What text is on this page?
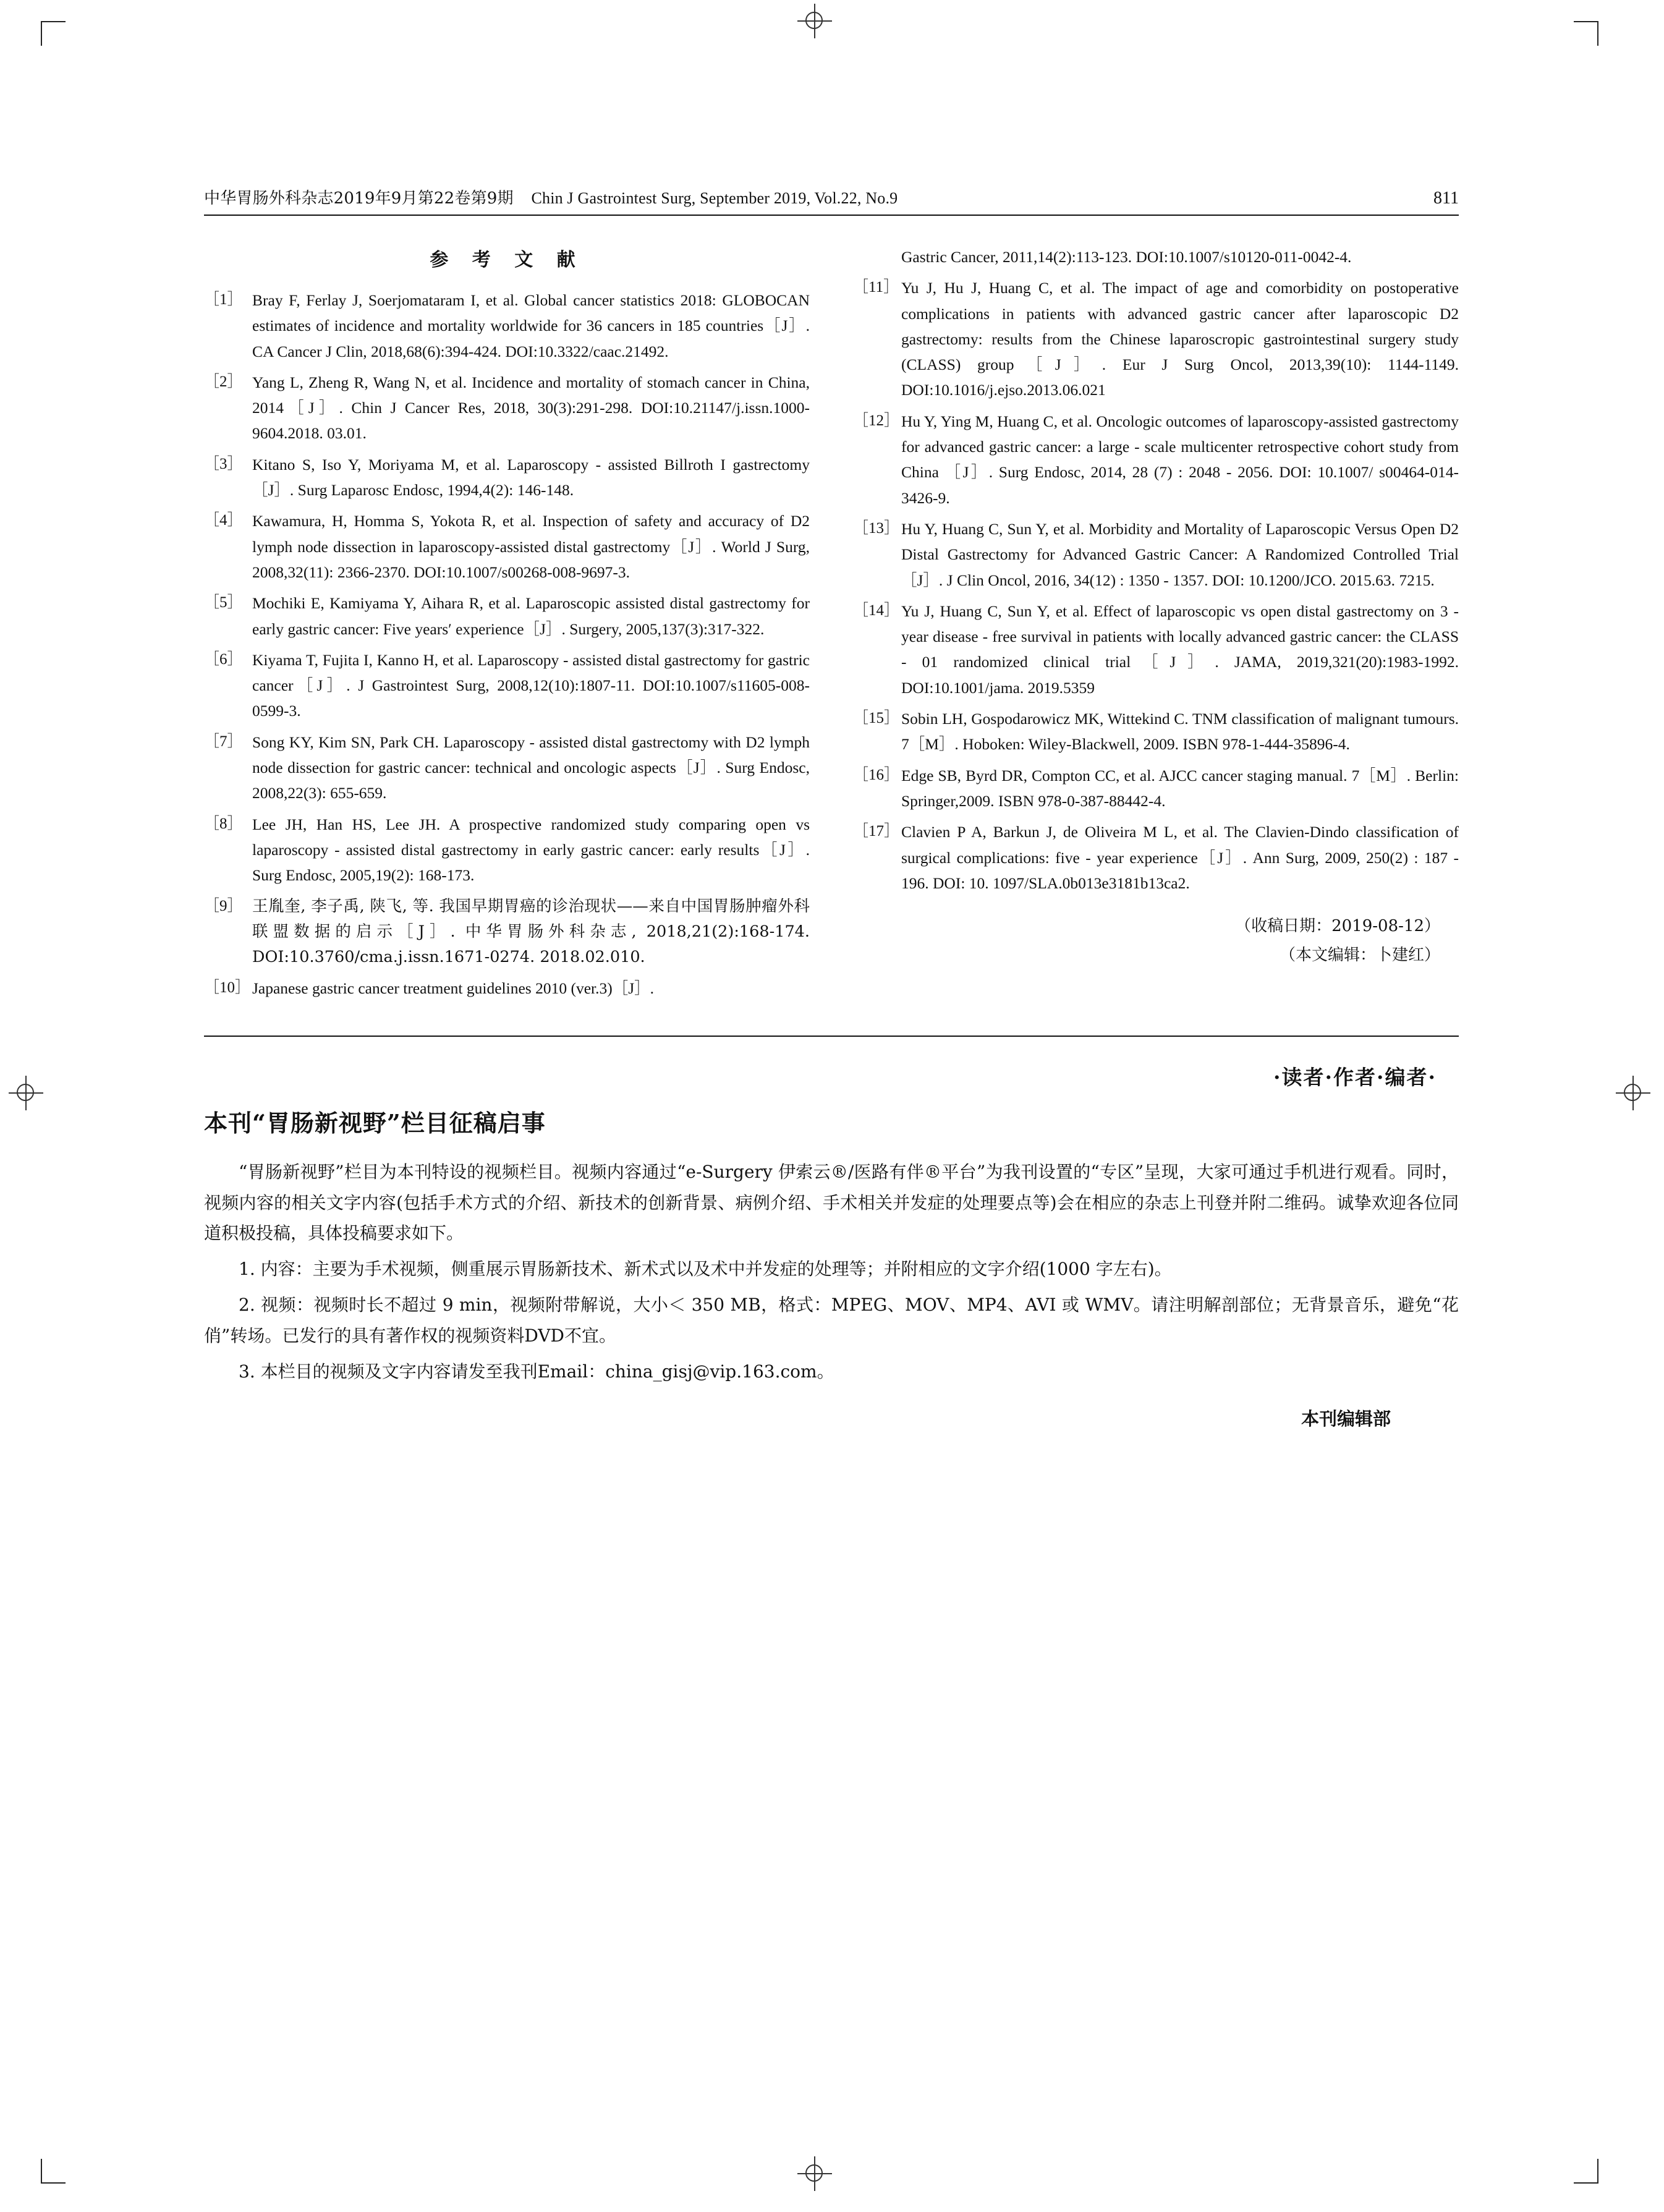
中华胃肠外科杂志2019年9月第22卷第9期 Chin J Gastrointest Surg, September 2019, Vol.22, No.9	811
参 考 文 献
［1］ Bray F, Ferlay J, Soerjomataram I, et al. Global cancer statistics 2018: GLOBOCAN estimates of incidence and mortality worldwide for 36 cancers in 185 countries［J］. CA Cancer J Clin, 2018,68(6):394-424. DOI:10.3322/caac.21492.
［2］ Yang L, Zheng R, Wang N, et al. Incidence and mortality of stomach cancer in China, 2014［J］. Chin J Cancer Res, 2018, 30(3):291-298. DOI:10.21147/j.issn.1000-9604.2018. 03.01.
［3］ Kitano S, Iso Y, Moriyama M, et al. Laparoscopy - assisted Billroth I gastrectomy［J］. Surg Laparosc Endosc, 1994,4(2): 146-148.
［4］ Kawamura, H, Homma S, Yokota R, et al. Inspection of safety and accuracy of D2 lymph node dissection in laparoscopy-assisted distal gastrectomy［J］. World J Surg, 2008,32(11): 2366-2370. DOI:10.1007/s00268-008-9697-3.
［5］ Mochiki E, Kamiyama Y, Aihara R, et al. Laparoscopic assisted distal gastrectomy for early gastric cancer: Five years′ experience［J］. Surgery, 2005,137(3):317-322.
［6］ Kiyama T, Fujita I, Kanno H, et al. Laparoscopy - assisted distal gastrectomy for gastric cancer［J］. J Gastrointest Surg, 2008,12(10):1807-11. DOI:10.1007/s11605-008-0599-3.
［7］ Song KY, Kim SN, Park CH. Laparoscopy - assisted distal gastrectomy with D2 lymph node dissection for gastric cancer: technical and oncologic aspects［J］. Surg Endosc, 2008,22(3): 655-659.
［8］ Lee JH, Han HS, Lee JH. A prospective randomized study comparing open vs laparoscopy - assisted distal gastrectomy in early gastric cancer: early results［J］. Surg Endosc, 2005,19(2): 168-173.
［9］ 王胤奎, 李子禹, 陕飞, 等. 我国早期胃癌的诊治现状——来自中国胃肠肿瘤外科联盟数据的启示［J］. 中华胃肠外科杂志, 2018,21(2):168-174. DOI:10.3760/cma.j.issn.1671-0274. 2018.02.010.
［10］ Japanese gastric cancer treatment guidelines 2010 (ver.3)［J］.
Gastric Cancer, 2011,14(2):113-123. DOI:10.1007/s10120-011-0042-4.
［11］ Yu J, Hu J, Huang C, et al. The impact of age and comorbidity on postoperative complications in patients with advanced gastric cancer after laparoscopic D2 gastrectomy: results from the Chinese laparoscropic gastrointestinal surgery study (CLASS) group［J］. Eur J Surg Oncol, 2013,39(10): 1144-1149. DOI:10.1016/j.ejso.2013.06.021
［12］ Hu Y, Ying M, Huang C, et al. Oncologic outcomes of laparoscopy-assisted gastrectomy for advanced gastric cancer: a large - scale multicenter retrospective cohort study from China ［J］. Surg Endosc, 2014, 28 (7) : 2048 - 2056. DOI: 10.1007/ s00464-014-3426-9.
［13］ Hu Y, Huang C, Sun Y, et al. Morbidity and Mortality of Laparoscopic Versus Open D2 Distal Gastrectomy for Advanced Gastric Cancer: A Randomized Controlled Trial［J］. J Clin Oncol, 2016, 34(12) : 1350 - 1357. DOI: 10.1200/JCO. 2015.63. 7215.
［14］ Yu J, Huang C, Sun Y, et al. Effect of laparoscopic vs open distal gastrectomy on 3 - year disease - free survival in patients with locally advanced gastric cancer: the CLASS - 01 randomized clinical trial［J］. JAMA, 2019,321(20):1983-1992. DOI:10.1001/jama. 2019.5359
［15］ Sobin LH, Gospodarowicz MK, Wittekind C. TNM classification of malignant tumours. 7［M］. Hoboken: Wiley-Blackwell, 2009. ISBN 978-1-444-35896-4.
［16］ Edge SB, Byrd DR, Compton CC, et al. AJCC cancer staging manual. 7［M］. Berlin: Springer,2009. ISBN 978-0-387-88442-4.
［17］ Clavien P A, Barkun J, de Oliveira M L, et al. The Clavien-Dindo classification of surgical complications: five - year experience［J］. Ann Surg, 2009, 250(2) : 187 - 196. DOI: 10. 1097/SLA.0b013e3181b13ca2.
（收稿日期：2019-08-12）
（本文编辑：卜建红）
·读者·作者·编者·
本刊“胃肠新视野”栏目征稿启事

“胃肠新视野”栏目为本刊特设的视频栏目。视频内容通过“e-Surgery 伊索云®/医路有伴®平台”为我刊设置的“专区”呈现，大家可通过手机进行观看。同时，视频内容的相关文字内容(包括手术方式的介绍、新技术的创新背景、病例介绍、手术相关并发症的处理要点等)会在相应的杂志上刊登并附二维码。诚挚欢迎各位同道积极投稿，具体投稿要求如下。

1. 内容：主要为手术视频，侧重展示胃肠新技术、新术式以及术中并发症的处理等；并附相应的文字介绍(1000 字左右)。

2. 视频：视频时长不超过 9 min，视频附带解说，大小＜ 350 MB，格式：MPEG、MOV、MP4、AVI 或 WMV。请注明解剖部位；无背景音乐，避免“花俏”转场。已发行的具有著作权的视频资料DVD不宜。

3. 本栏目的视频及文字内容请发至我刊Email：china_gisj@vip.163.com。

本刊编辑部
